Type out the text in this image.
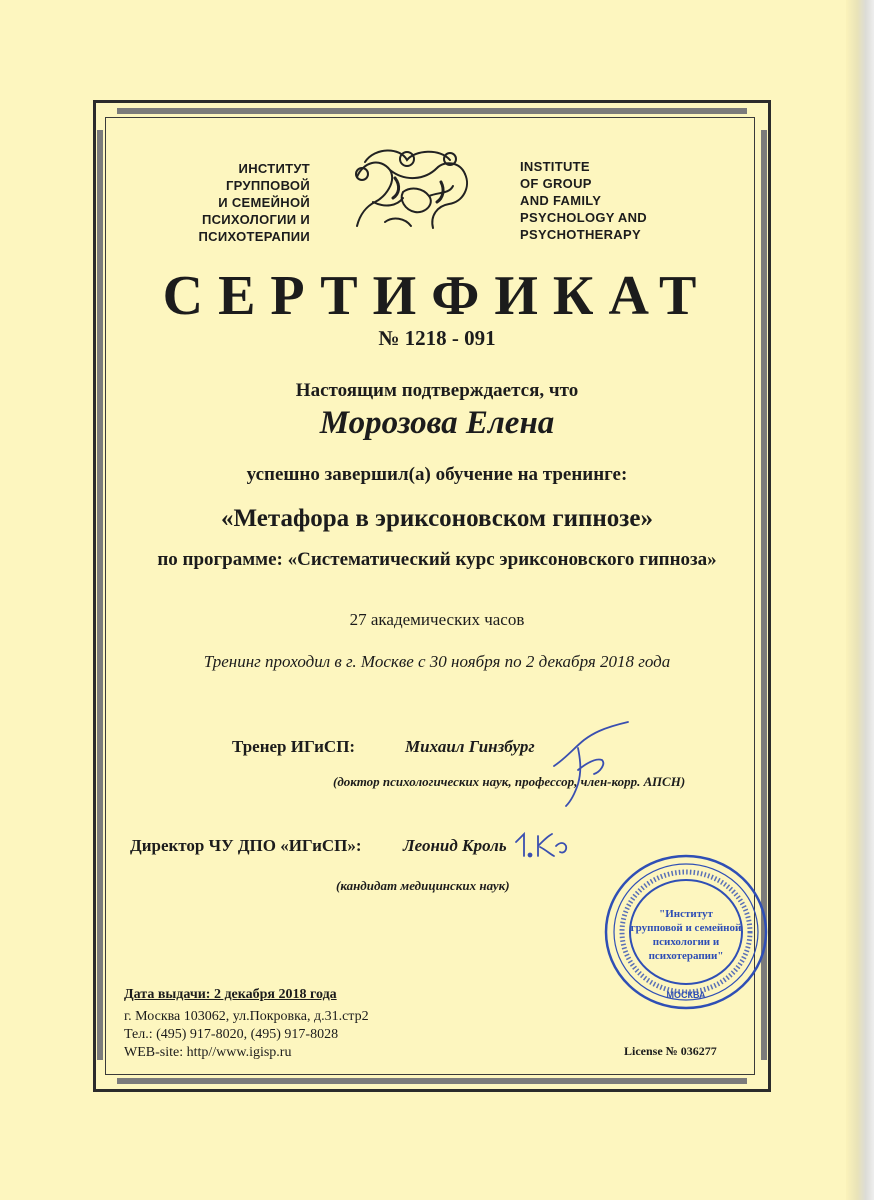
ИНСТИТУТ
ГРУППОВОЙ
И СЕМЕЙНОЙ
ПСИХОЛОГИИ И
ПСИХОТЕРАПИИ
INSTITUTE
OF GROUP
AND FAMILY
PSYCHOLOGY AND
PSYCHOTHERAPY
СЕРТИФИКАТ
№ 1218 - 091
Настоящим подтверждается, что
Морозова Елена
успешно завершил(а) обучение на тренинге:
«Метафора в эриксоновском гипнозе»
по программе: «Систематический курс эриксоновского гипноза»
27 академических часов
Тренинг проходил в г. Москве с 30 ноября по 2 декабря 2018 года
Тренер ИГиСП:	Михаил Гинзбург
(доктор психологических наук, профессор, член-корр. АПСН)
Директор ЧУ ДПО «ИГиСП»: Леонид Кроль
(кандидат медицинских наук)
"Институт
групповой и семейной
психологии и
психотерапии"
МОСКВА
Дата выдачи: 2 декабря 2018 года
г. Москва 103062, ул.Покровка, д.31.стр2
Тел.: (495) 917-8020, (495) 917-8028
WEB-site: http//www.igisp.ru	License № 036277
